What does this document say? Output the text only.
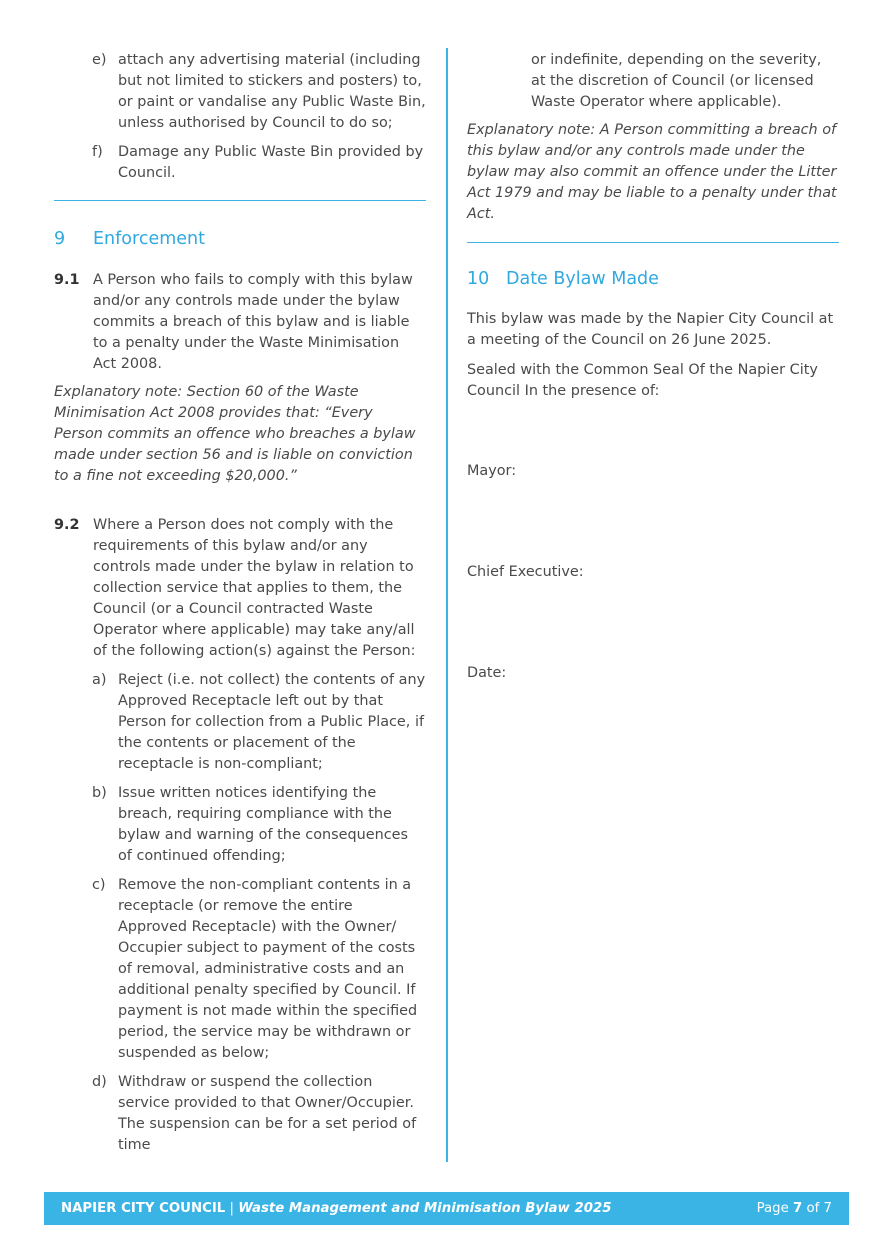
e) attach any advertising material (including but not limited to stickers and posters) to, or paint or vandalise any Public Waste Bin, unless authorised by Council to do so;
f) Damage any Public Waste Bin provided by Council.
9 Enforcement
9.1 A Person who fails to comply with this bylaw and/or any controls made under the bylaw commits a breach of this bylaw and is liable to a penalty under the Waste Minimisation Act 2008.

Explanatory note: Section 60 of the Waste Minimisation Act 2008 provides that: “Every Person commits an offence who breaches a bylaw made under section 56 and is liable on conviction to a fine not exceeding $20,000.”

9.2 Where a Person does not comply with the requirements of this bylaw and/or any controls made under the bylaw in relation to collection service that applies to them, the Council (or a Council contracted Waste Operator where applicable) may take any/all of the following action(s) against the Person:

a) Reject (i.e. not collect) the contents of any Approved Receptacle left out by that Person for collection from a Public Place, if the contents or placement of the receptacle is non-compliant;
b) Issue written notices identifying the breach, requiring compliance with the bylaw and warning of the consequences of continued offending;
c) Remove the non-compliant contents in a receptacle (or remove the entire Approved Receptacle) with the Owner/ Occupier subject to payment of the costs of removal, administrative costs and an additional penalty specified by Council. If payment is not made within the specified period, the service may be withdrawn or suspended as below;
d) Withdraw or suspend the collection service provided to that Owner/Occupier. The suspension can be for a set period of time

or indefinite, depending on the severity, at the discretion of Council (or licensed Waste Operator where applicable).

Explanatory note: A Person committing a breach of this bylaw and/or any controls made under the bylaw may also commit an offence under the Litter Act 1979 and may be liable to a penalty under that Act.

10 Date Bylaw Made

This bylaw was made by the Napier City Council at a meeting of the Council on 26 June 2025.

Sealed with the Common Seal Of the Napier City Council In the presence of:

Mayor:

Chief Executive:

Date:

NAPIER CITY COUNCIL | Waste Management and Minimisation Bylaw 2025	Page 7 of 7
